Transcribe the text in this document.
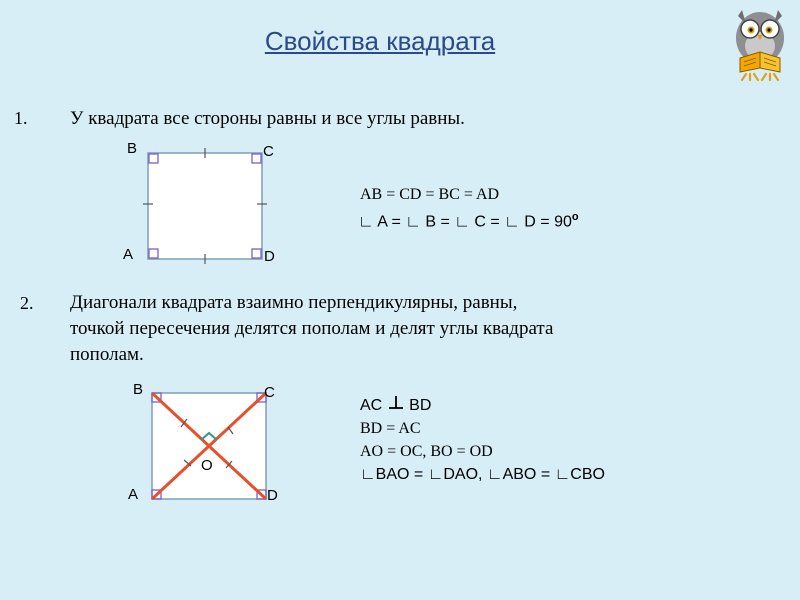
Свойства квадрата
1. У квадрата все стороны равны и все углы равны.
B	C
A	D
AB = CD = BC = AD
∟ A = ∟ B = ∟ C = ∟ $D = 90^o$
2. Диагонали квадрата взаимно перпендикулярны, равны,
точкой пересечения делятся пополам и делят углы квадрата
пополам.
B	C
A	D
O
AC BD
BD = AC
AO = OC, BO = OD
∟BAO = ∟DAO, ∟ABO = ∟CBO
